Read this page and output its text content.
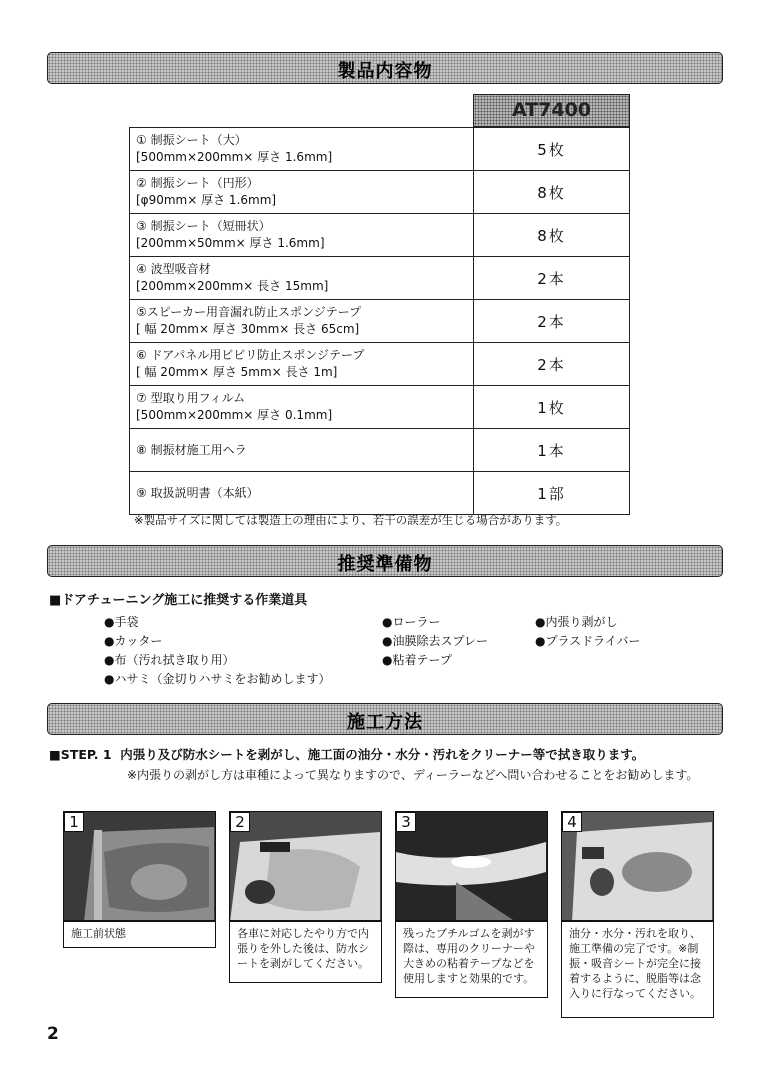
製品内容物
AT7400
① 制振シート（大）
[500mm×200mm× 厚さ 1.6mm]	5枚

② 制振シート（円形）
[φ90mm× 厚さ 1.6mm]	8枚

③ 制振シート（短冊状）
[200mm×50mm× 厚さ 1.6mm]	8枚

④ 波型吸音材
[200mm×200mm× 長さ 15mm]	2本

⑤スピーカー用音漏れ防止スポンジテープ
[ 幅 20mm× 厚さ 30mm× 長さ 65cm]	2本

⑥ ドアパネル用ビビリ防止スポンジテープ
[ 幅 20mm× 厚さ 5mm× 長さ 1m]	2本

⑦ 型取り用フィルム
[500mm×200mm× 厚さ 0.1mm]	1枚

⑧ 制振材施工用ヘラ	1本

⑨ 取扱説明書（本紙）	1部
※製品サイズに関しては製造上の理由により、若干の誤差が生じる場合があります。
推奨準備物
■ドアチューニング施工に推奨する作業道具
●手袋
●カッター
●布（汚れ拭き取り用）
●ハサミ（金切りハサミをお勧めします）
●ローラー
●油膜除去スプレー
●粘着テープ
●内張り剥がし
●プラスドライバー
施工方法
■STEP. 1 内張り及び防水シートを剥がし、施工面の油分・水分・汚れをクリーナー等で拭き取ります。
※内張りの剥がし方は車種によって異なりますので、ディーラーなどへ問い合わせることをお勧めします。
1
施工前状態
2
各車に対応したやり方で内張りを外した後は、防水シートを剥がしてください。
3
残ったブチルゴムを剥がす際は、専用のクリーナーや大きめの粘着テープなどを使用しますと効果的です。
4
油分・水分・汚れを取り、施工準備の完了です。※制振・吸音シートが完全に接着するように、脱脂等は念入りに行なってください。
2
